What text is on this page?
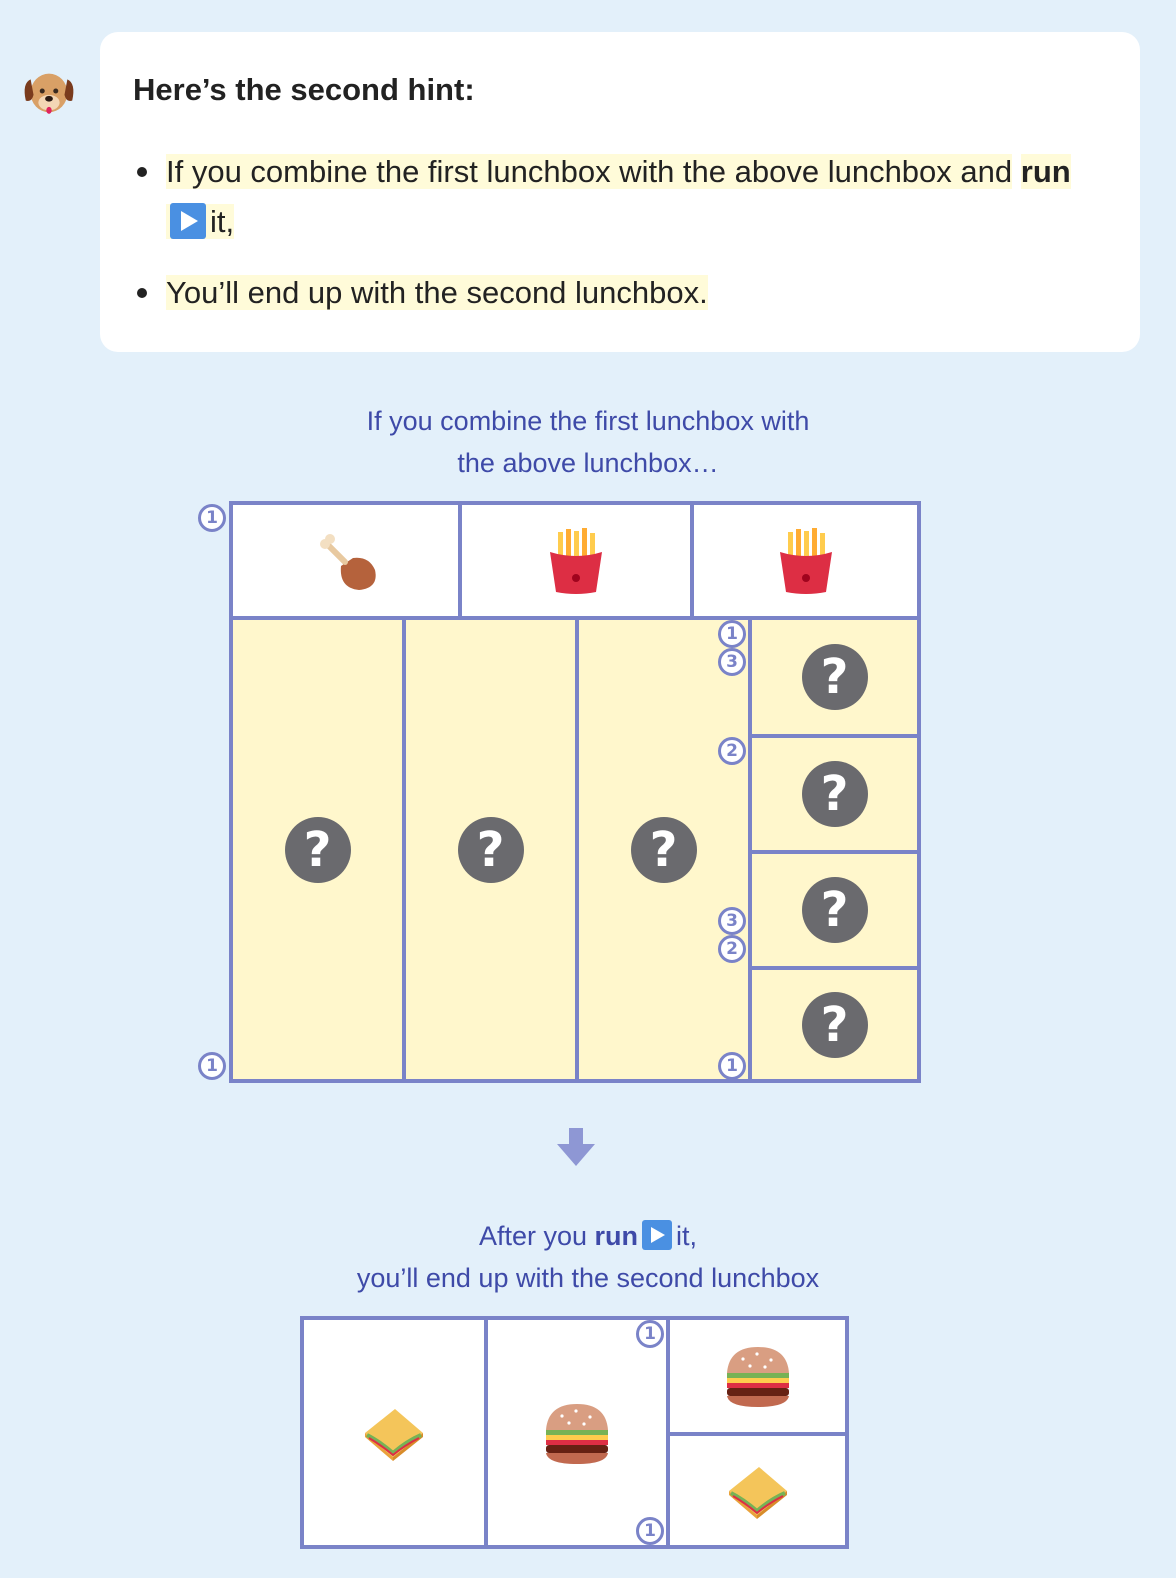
Here’s the second hint:
If you combine the first lunchbox with the above lunchbox and runit,
You’ll end up with the second lunchbox.
If you combine the first lunchbox with
the above lunchbox…
?	?	?
?
?
?
?
1
1
1
3
2
3
2
1
After you run it,
you’ll end up with the second lunchbox
1
1
